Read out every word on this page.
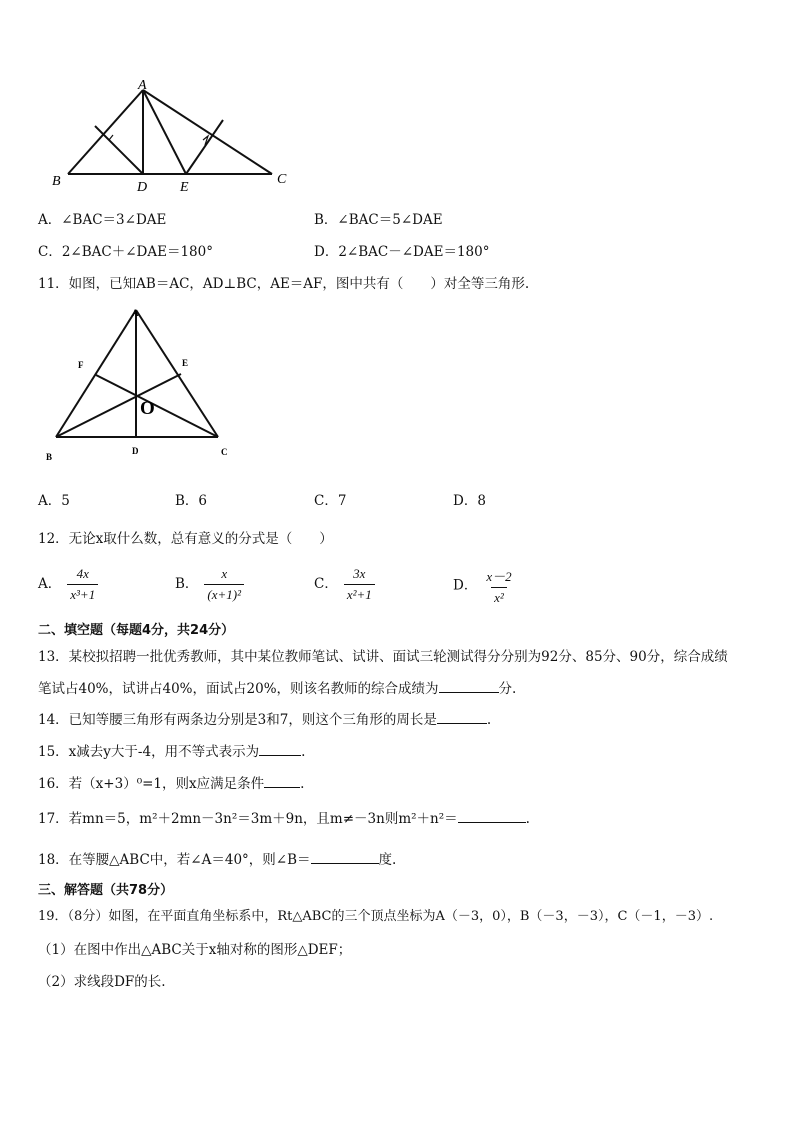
A
B	D E
C
A．∠BAC＝3∠DAE	B．∠BAC＝5∠DAE
C．2∠BAC＋∠DAE＝180°	D．2∠BAC－∠DAE＝180°
11．如图，已知AB＝AC，AD⊥BC，AE＝AF，图中共有（　　）对全等三角形.
A
F	E
O
B
D	C
A．5	B．6	C．7	D．8
12．无论x取什么数，总有意义的分式是（　　）
A． $\frac{4x}{\text{x³+1}}$	B． $\frac{x}{\text{(x+1)²}}$	C． $\frac{3x}{\text{x²+1}}$	D． $\frac{x-2}{\text{x²}}$
二、填空题（每题4分，共24分）
13．某校拟招聘一批优秀教师，其中某位教师笔试、试讲、面试三轮测试得分分别为92分、85分、90分，综合成绩
笔试占40%，试讲占40%，面试占20%，则该名教师的综合成绩为	分.
14．已知等腰三角形有两条边分别是3和7，则这个三角形的周长是	.
15．x减去y大于-4，用不等式表示为	.
16．若（x+3）⁰=1，则x应满足条件	.
17．若mn＝5，m²＋2mn－3n²＝3m＋9n，且m≠－3n则m²＋n²＝	.
18．在等腰△ABC中，若∠A＝40°，则∠B＝	度.
三、解答题（共78分）
19．（8分）如图，在平面直角坐标系中，Rt△ABC的三个顶点坐标为A（－3，0），B（－3，－3），C（－1，－3）.
（1）在图中作出△ABC关于x轴对称的图形△DEF；
（2）求线段DF的长.
